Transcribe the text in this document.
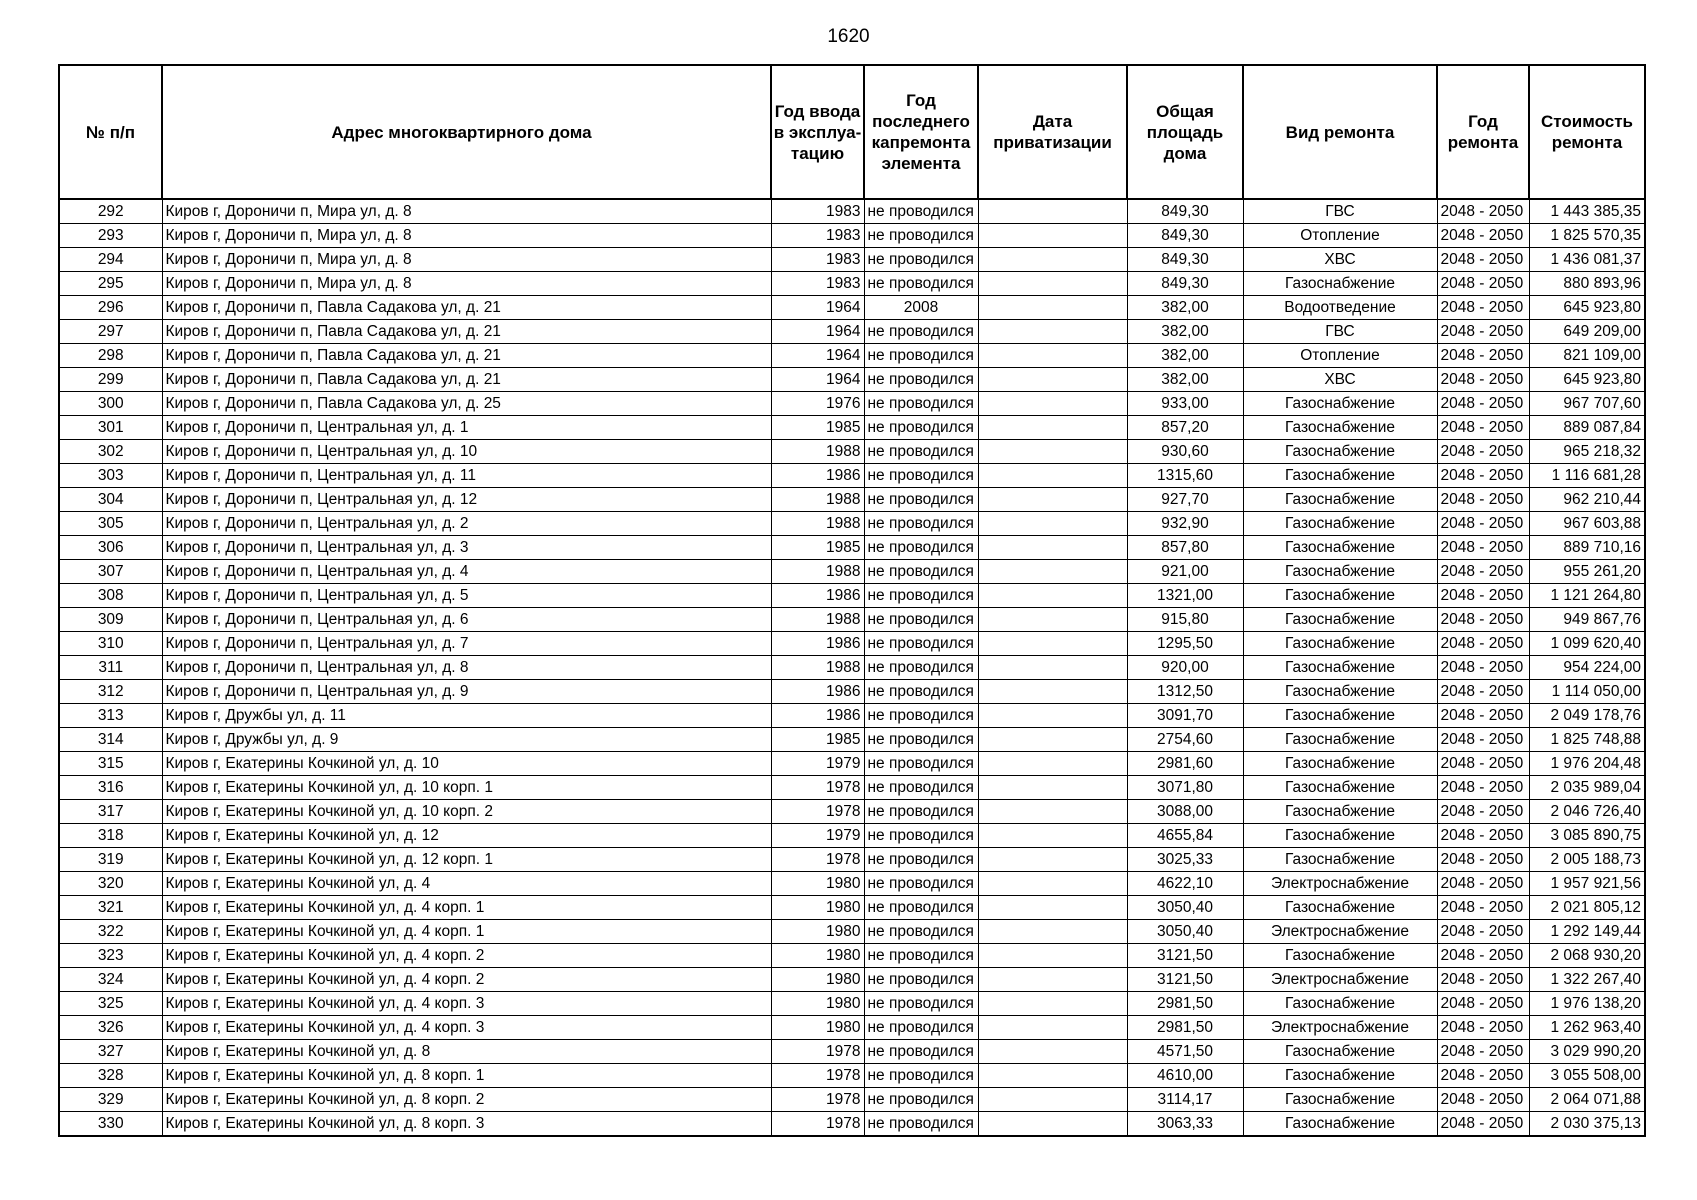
1620
№ п/п	Адрес многоквартирного дома	Год ввода в эксплуа-тацию	Год последнего капремонта элемента	Дата приватизации	Общая площадь дома	Вид ремонта	Год ремонта	Стоимость ремонта
292	Киров г, Дороничи п, Мира ул, д. 8	1983	не проводился		849,30	ГВС	2048 - 2050	1 443 385,35
293	Киров г, Дороничи п, Мира ул, д. 8	1983	не проводился		849,30	Отопление	2048 - 2050	1 825 570,35
294	Киров г, Дороничи п, Мира ул, д. 8	1983	не проводился		849,30	ХВС	2048 - 2050	1 436 081,37
295	Киров г, Дороничи п, Мира ул, д. 8	1983	не проводился		849,30	Газоснабжение	2048 - 2050	880 893,96
296	Киров г, Дороничи п, Павла Садакова ул, д. 21	1964	2008		382,00	Водоотведение	2048 - 2050	645 923,80
297	Киров г, Дороничи п, Павла Садакова ул, д. 21	1964	не проводился		382,00	ГВС	2048 - 2050	649 209,00
298	Киров г, Дороничи п, Павла Садакова ул, д. 21	1964	не проводился		382,00	Отопление	2048 - 2050	821 109,00
299	Киров г, Дороничи п, Павла Садакова ул, д. 21	1964	не проводился		382,00	ХВС	2048 - 2050	645 923,80
300	Киров г, Дороничи п, Павла Садакова ул, д. 25	1976	не проводился		933,00	Газоснабжение	2048 - 2050	967 707,60
301	Киров г, Дороничи п, Центральная ул, д. 1	1985	не проводился		857,20	Газоснабжение	2048 - 2050	889 087,84
302	Киров г, Дороничи п, Центральная ул, д. 10	1988	не проводился		930,60	Газоснабжение	2048 - 2050	965 218,32
303	Киров г, Дороничи п, Центральная ул, д. 11	1986	не проводился		1315,60	Газоснабжение	2048 - 2050	1 116 681,28
304	Киров г, Дороничи п, Центральная ул, д. 12	1988	не проводился		927,70	Газоснабжение	2048 - 2050	962 210,44
305	Киров г, Дороничи п, Центральная ул, д. 2	1988	не проводился		932,90	Газоснабжение	2048 - 2050	967 603,88
306	Киров г, Дороничи п, Центральная ул, д. 3	1985	не проводился		857,80	Газоснабжение	2048 - 2050	889 710,16
307	Киров г, Дороничи п, Центральная ул, д. 4	1988	не проводился		921,00	Газоснабжение	2048 - 2050	955 261,20
308	Киров г, Дороничи п, Центральная ул, д. 5	1986	не проводился		1321,00	Газоснабжение	2048 - 2050	1 121 264,80
309	Киров г, Дороничи п, Центральная ул, д. 6	1988	не проводился		915,80	Газоснабжение	2048 - 2050	949 867,76
310	Киров г, Дороничи п, Центральная ул, д. 7	1986	не проводился		1295,50	Газоснабжение	2048 - 2050	1 099 620,40
311	Киров г, Дороничи п, Центральная ул, д. 8	1988	не проводился		920,00	Газоснабжение	2048 - 2050	954 224,00
312	Киров г, Дороничи п, Центральная ул, д. 9	1986	не проводился		1312,50	Газоснабжение	2048 - 2050	1 114 050,00
313	Киров г, Дружбы ул, д. 11	1986	не проводился		3091,70	Газоснабжение	2048 - 2050	2 049 178,76
314	Киров г, Дружбы ул, д. 9	1985	не проводился		2754,60	Газоснабжение	2048 - 2050	1 825 748,88
315	Киров г, Екатерины Кочкиной ул, д. 10	1979	не проводился		2981,60	Газоснабжение	2048 - 2050	1 976 204,48
316	Киров г, Екатерины Кочкиной ул, д. 10 корп. 1	1978	не проводился		3071,80	Газоснабжение	2048 - 2050	2 035 989,04
317	Киров г, Екатерины Кочкиной ул, д. 10 корп. 2	1978	не проводился		3088,00	Газоснабжение	2048 - 2050	2 046 726,40
318	Киров г, Екатерины Кочкиной ул, д. 12	1979	не проводился		4655,84	Газоснабжение	2048 - 2050	3 085 890,75
319	Киров г, Екатерины Кочкиной ул, д. 12 корп. 1	1978	не проводился		3025,33	Газоснабжение	2048 - 2050	2 005 188,73
320	Киров г, Екатерины Кочкиной ул, д. 4	1980	не проводился		4622,10	Электроснабжение	2048 - 2050	1 957 921,56
321	Киров г, Екатерины Кочкиной ул, д. 4 корп. 1	1980	не проводился		3050,40	Газоснабжение	2048 - 2050	2 021 805,12
322	Киров г, Екатерины Кочкиной ул, д. 4 корп. 1	1980	не проводился		3050,40	Электроснабжение	2048 - 2050	1 292 149,44
323	Киров г, Екатерины Кочкиной ул, д. 4 корп. 2	1980	не проводился		3121,50	Газоснабжение	2048 - 2050	2 068 930,20
324	Киров г, Екатерины Кочкиной ул, д. 4 корп. 2	1980	не проводился		3121,50	Электроснабжение	2048 - 2050	1 322 267,40
325	Киров г, Екатерины Кочкиной ул, д. 4 корп. 3	1980	не проводился		2981,50	Газоснабжение	2048 - 2050	1 976 138,20
326	Киров г, Екатерины Кочкиной ул, д. 4 корп. 3	1980	не проводился		2981,50	Электроснабжение	2048 - 2050	1 262 963,40
327	Киров г, Екатерины Кочкиной ул, д. 8	1978	не проводился		4571,50	Газоснабжение	2048 - 2050	3 029 990,20
328	Киров г, Екатерины Кочкиной ул, д. 8 корп. 1	1978	не проводился		4610,00	Газоснабжение	2048 - 2050	3 055 508,00
329	Киров г, Екатерины Кочкиной ул, д. 8 корп. 2	1978	не проводился		3114,17	Газоснабжение	2048 - 2050	2 064 071,88
330	Киров г, Екатерины Кочкиной ул, д. 8 корп. 3	1978	не проводился		3063,33	Газоснабжение	2048 - 2050	2 030 375,13
